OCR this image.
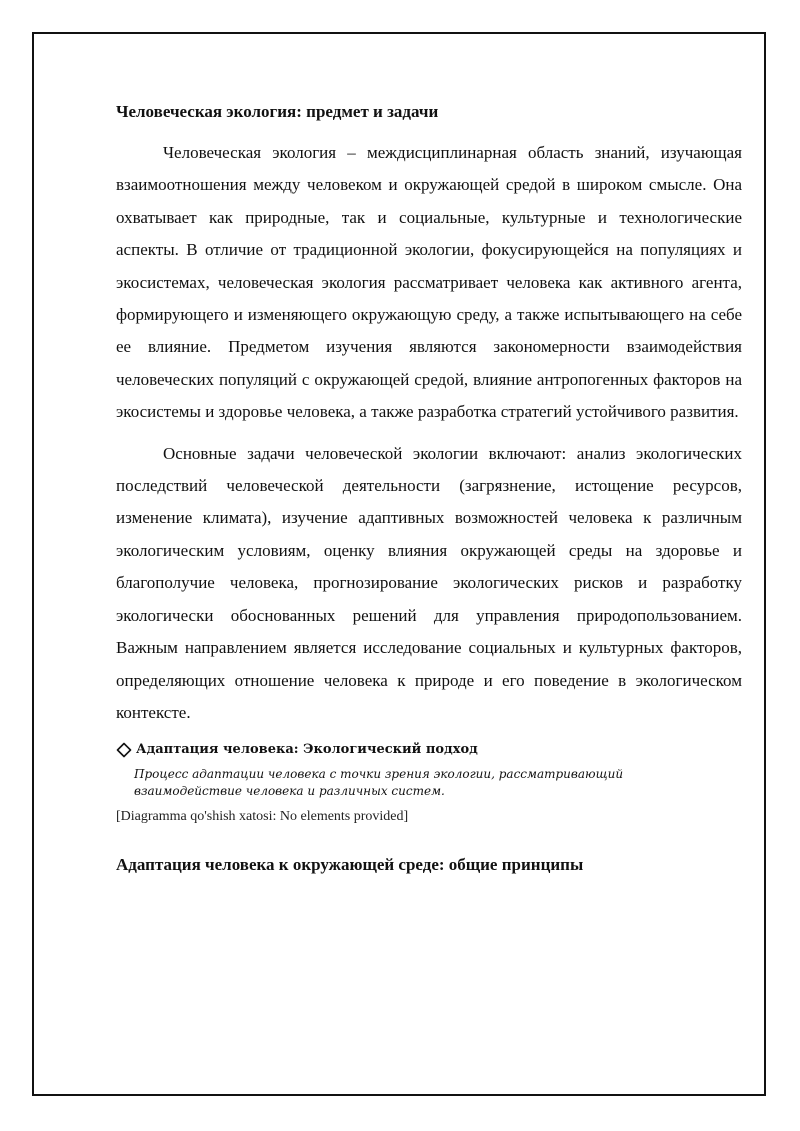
Человеческая экология: предмет и задачи

Человеческая экология – междисциплинарная область знаний, изучающая взаимоотношения между человеком и окружающей средой в широком смысле. Она охватывает как природные, так и социальные, культурные и технологические аспекты. В отличие от традиционной экологии, фокусирующейся на популяциях и экосистемах, человеческая экология рассматривает человека как активного агента, формирующего и изменяющего окружающую среду, а также испытывающего на себе ее влияние. Предметом изучения являются закономерности взаимодействия человеческих популяций с окружающей средой, влияние антропогенных факторов на экосистемы и здоровье человека, а также разработка стратегий устойчивого развития.

Основные задачи человеческой экологии включают: анализ экологических последствий человеческой деятельности (загрязнение, истощение ресурсов, изменение климата), изучение адаптивных возможностей человека к различным экологическим условиям, оценку влияния окружающей среды на здоровье и благополучие человека, прогнозирование экологических рисков и разработку экологически обоснованных решений для управления природопользованием. Важным направлением является исследование социальных и культурных факторов, определяющих отношение человека к природе и его поведение в экологическом контексте.

Адаптация человека: Экологический подход
Процесс адаптации человека с точки зрения экологии, рассматривающий взаимодействие человека и различных систем.
[Diagramma qo'shish xatosi: No elements provided]
Адаптация человека к окружающей среде: общие принципы
